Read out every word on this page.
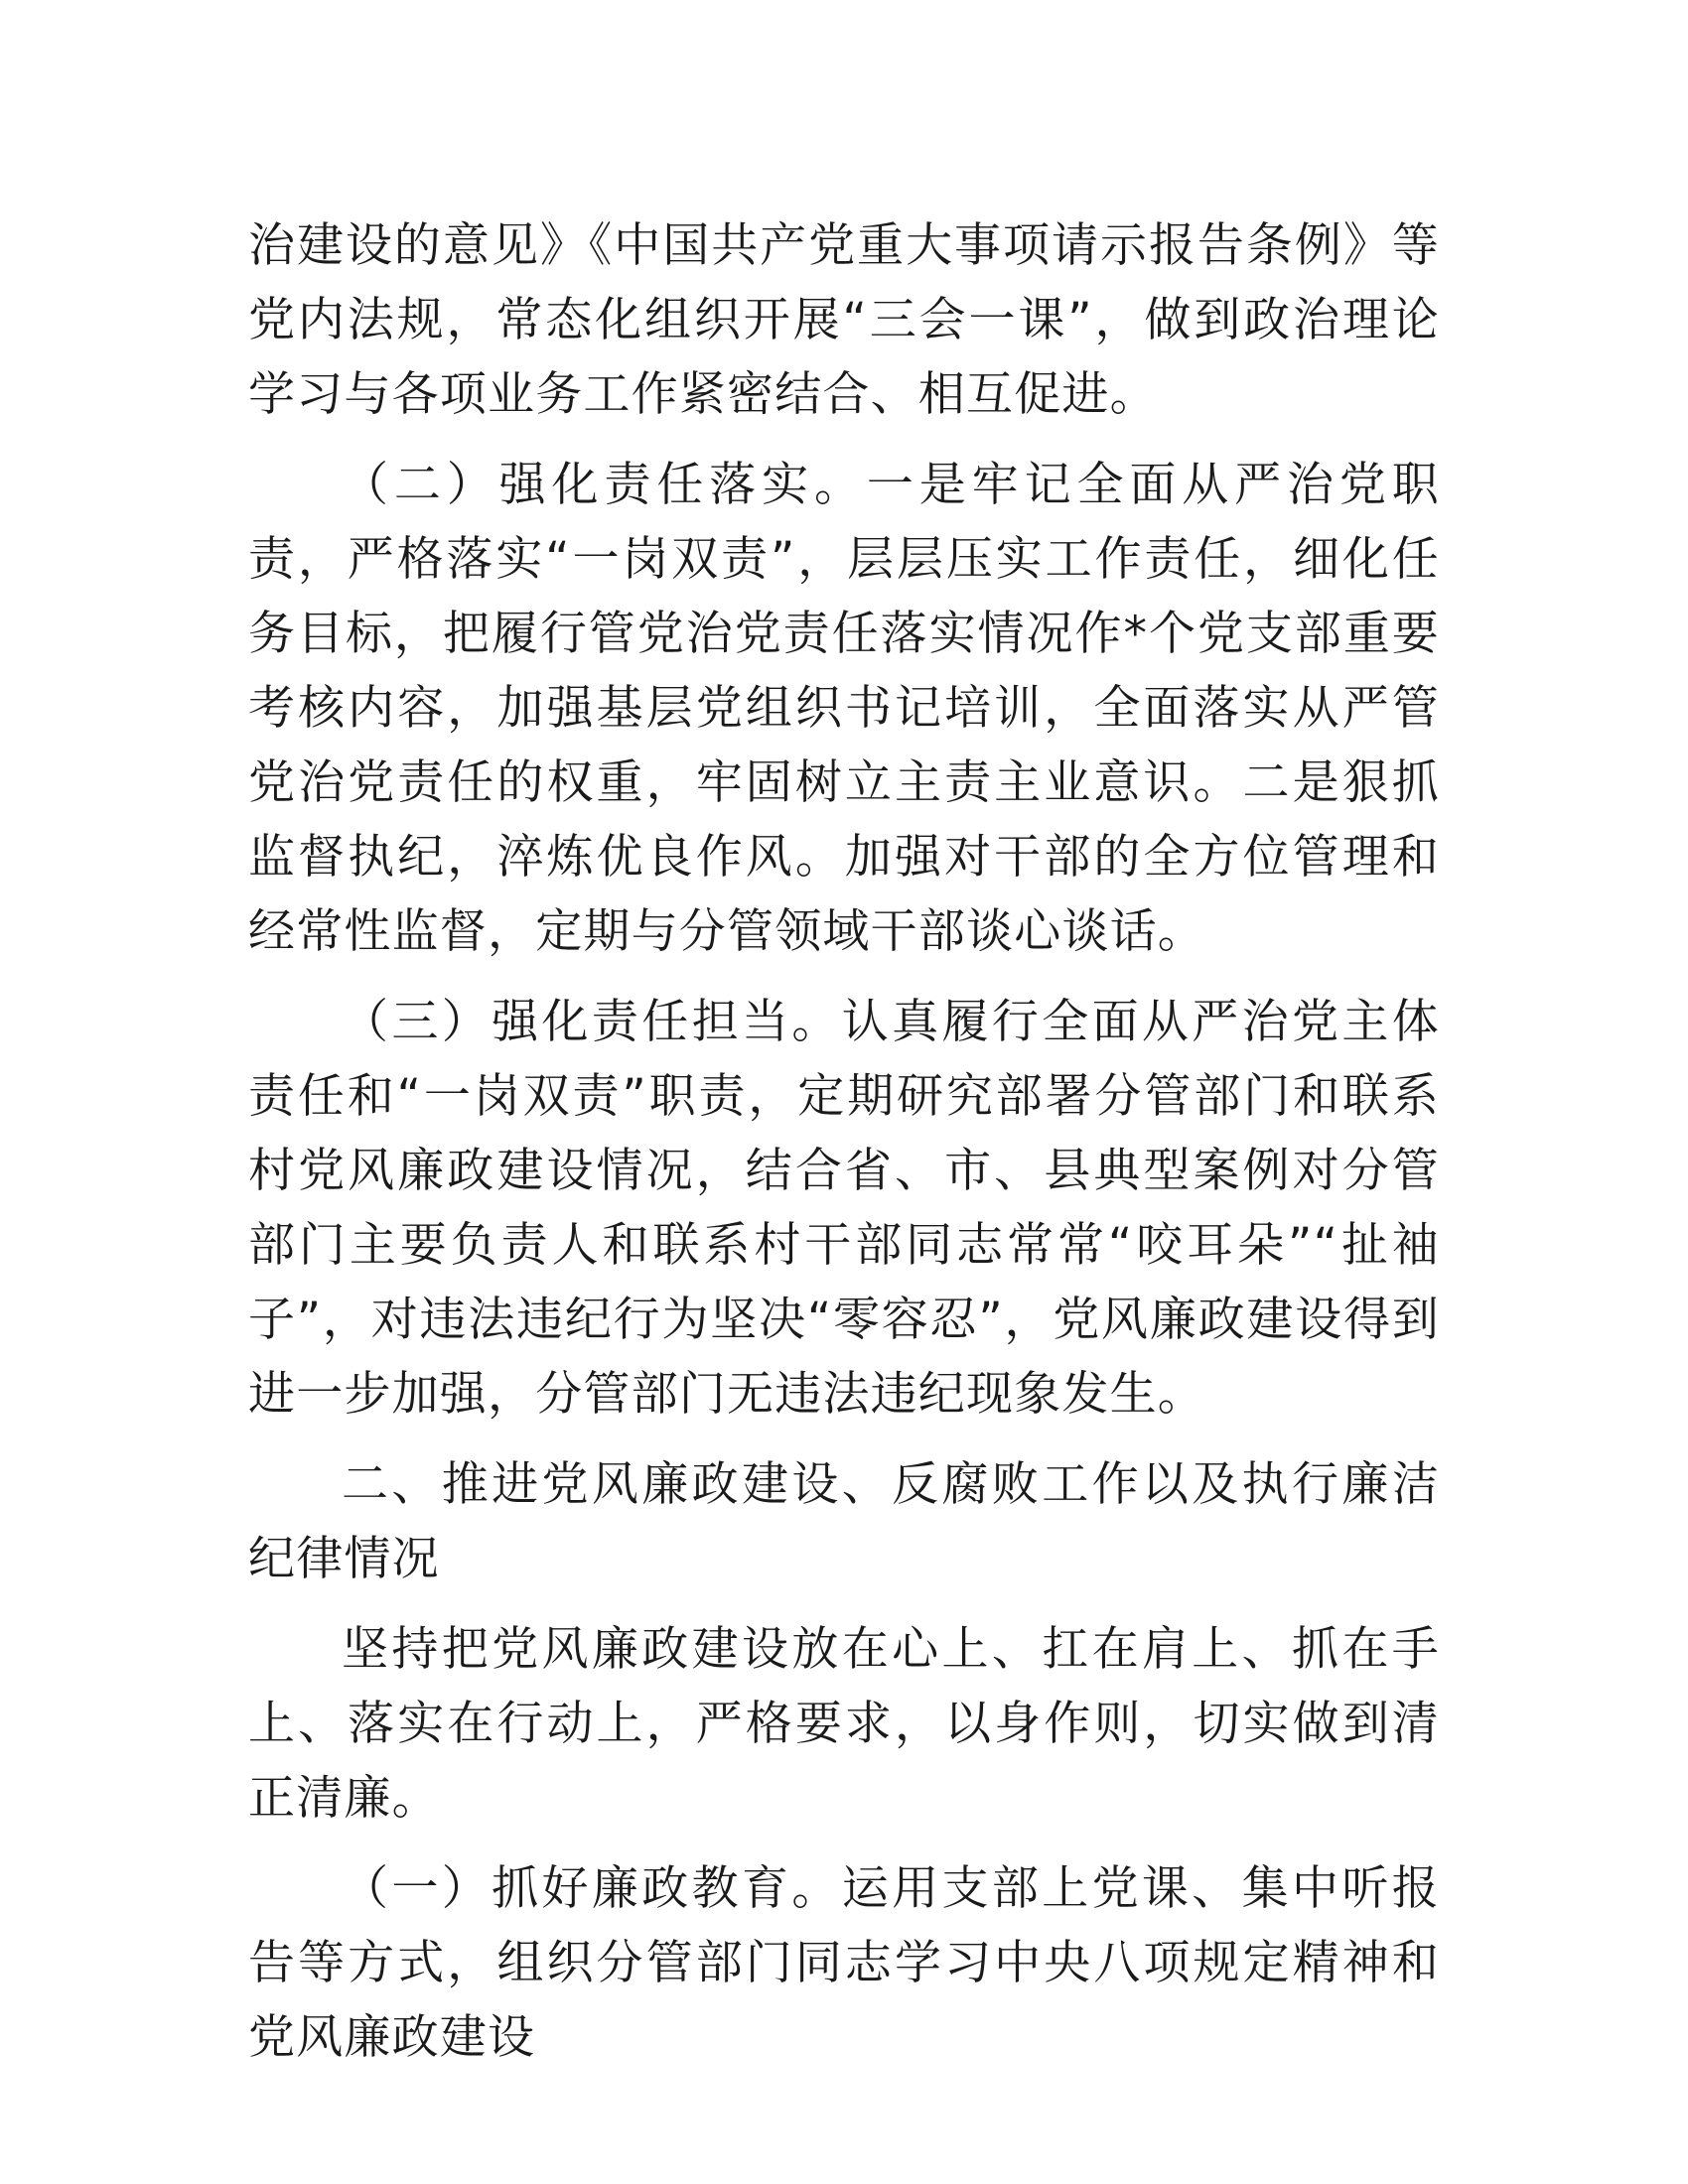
治建设的意见》《中国共产党重大事项请示报告条例》等党内法规，常态化组织开展“三会一课”，做到政治理论学习与各项业务工作紧密结合、相互促进。

（二）强化责任落实。一是牢记全面从严治党职责，严格落实“一岗双责”，层层压实工作责任，细化任务目标，把履行管党治党责任落实情况作*个党支部重要考核内容，加强基层党组织书记培训，全面落实从严管党治党责任的权重，牢固树立主责主业意识。二是狠抓监督执纪，淬炼优良作风。加强对干部的全方位管理和经常性监督，定期与分管领域干部谈心谈话。

（三）强化责任担当。认真履行全面从严治党主体责任和“一岗双责”职责，定期研究部署分管部门和联系村党风廉政建设情况，结合省、市、县典型案例对分管部门主要负责人和联系村干部同志常常“咬耳朵”“扯袖子”，对违法违纪行为坚决“零容忍”，党风廉政建设得到进一步加强，分管部门无违法违纪现象发生。

二、推进党风廉政建设、反腐败工作以及执行廉洁纪律情况

坚持把党风廉政建设放在心上、扛在肩上、抓在手上、落实在行动上，严格要求，以身作则，切实做到清正清廉。

（一）抓好廉政教育。运用支部上党课、集中听报告等方式，组织分管部门同志学习中央八项规定精神和党风廉政建设
